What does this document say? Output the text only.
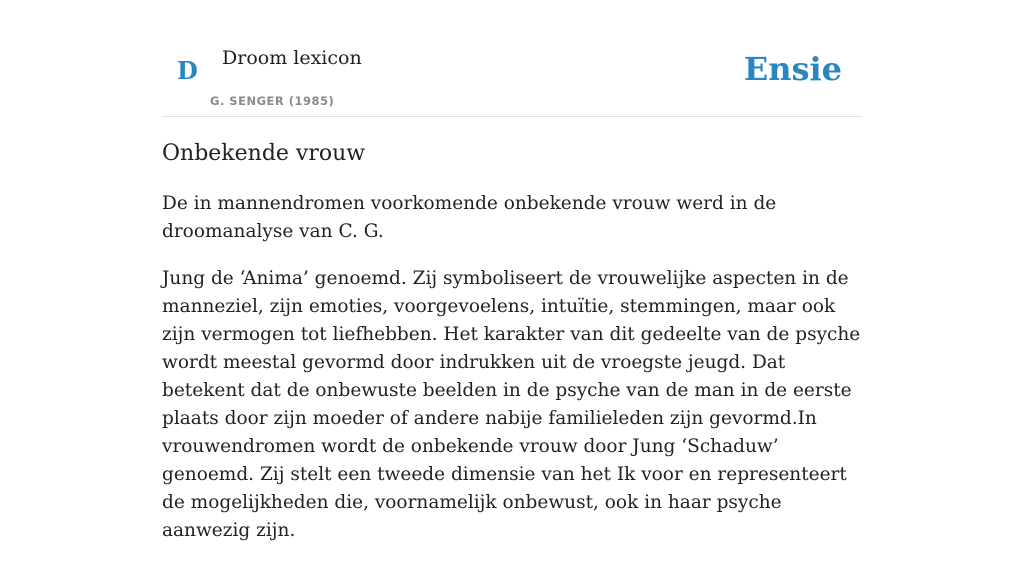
D Droom lexicon
G. SENGER (1985)
Ensie
Onbekende vrouw

De in mannendromen voorkomende onbekende vrouw werd in de droomanalyse van C. G.

Jung de ‘Anima’ genoemd. Zij symboliseert de vrouwelijke aspecten in de manneziel, zijn emoties, voorgevoelens, intuïtie, stemmingen, maar ook zijn vermogen tot liefhebben. Het karakter van dit gedeelte van de psyche wordt meestal gevormd door indrukken uit de vroegste jeugd. Dat betekent dat de onbewuste beelden in de psyche van de man in de eerste plaats door zijn moeder of andere nabije familieleden zijn gevormd.In vrouwendromen wordt de onbekende vrouw door Jung ‘Schaduw’ genoemd. Zij stelt een tweede dimensie van het Ik voor en representeert de mogelijkheden die, voornamelijk onbewust, ook in haar psyche aanwezig zijn.
